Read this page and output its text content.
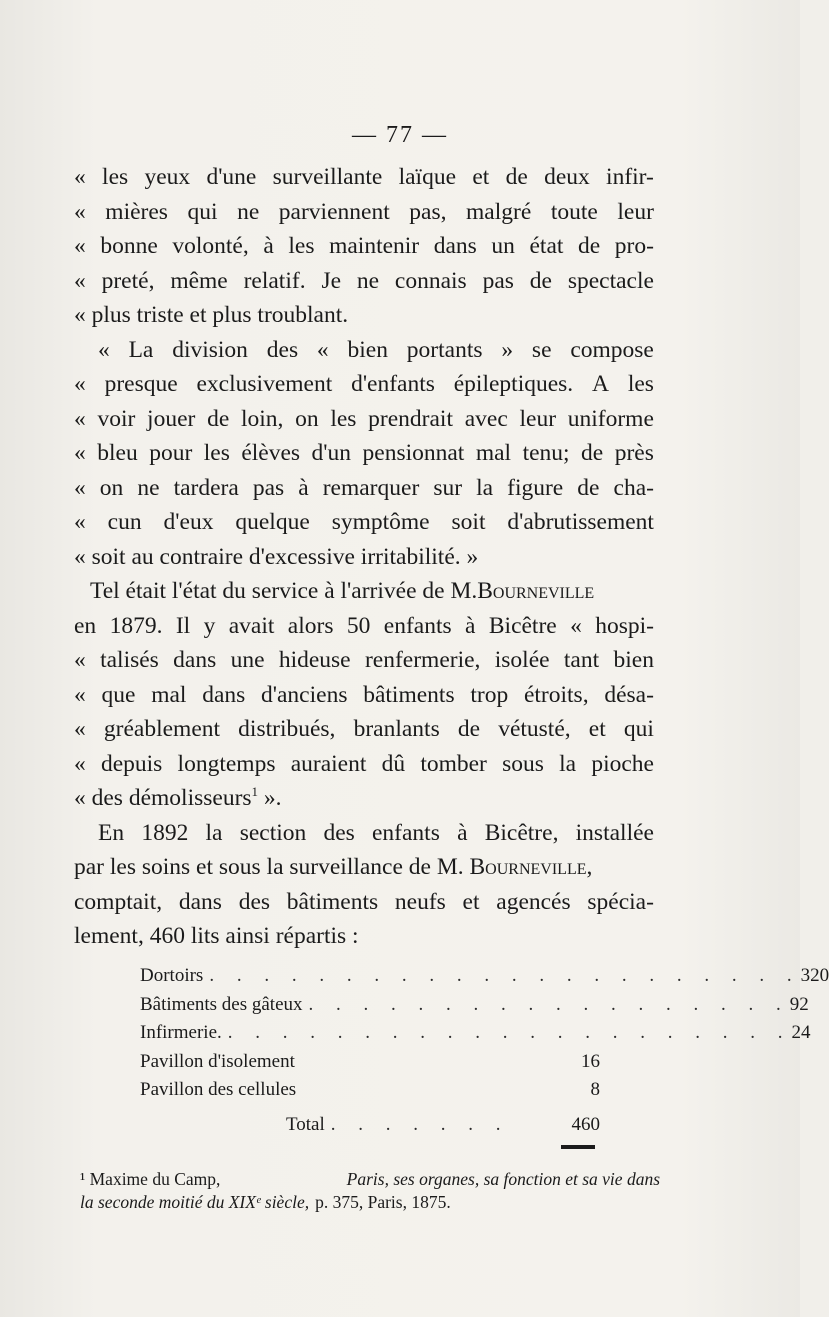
— 77 —
« les yeux d'une surveillante laïque et de deux infir-
« mières qui ne parviennent pas, malgré toute leur
« bonne volonté, à les maintenir dans un état de pro-
« preté, même relatif. Je ne connais pas de spectacle
« plus triste et plus troublant.
« La division des « bien portants » se compose
« presque exclusivement d'enfants épileptiques. A les
« voir jouer de loin, on les prendrait avec leur uniforme
« bleu pour les élèves d'un pensionnat mal tenu; de près
« on ne tardera pas à remarquer sur la figure de cha-
« cun d'eux quelque symptôme soit d'abrutissement
« soit au contraire d'excessive irritabilité. »
Tel était l'état du service à l'arrivée de M. Bourneville
en 1879. Il y avait alors 50 enfants à Bicêtre « hospi-
« talisés dans une hideuse renfermerie, isolée tant bien
« que mal dans d'anciens bâtiments trop étroits, désa-
« gréablement distribués, branlants de vétusté, et qui
« depuis longtemps auraient dû tomber sous la pioche
« des démolisseurs$^1$ ».
En 1892 la section des enfants à Bicêtre, installée
par les soins et sous la surveillance de M.
Bourneville ,
comptait, dans des bâtiments neufs et agencés spécia-
lement, 460 lits ainsi répartis :
Dortoirs . . . . . . . . . . . . . . . . . . . . . . 320
Bâtiments des gâteux . . . . . . . . . . . . . . . . . . 92
Infirmerie. . . . . . . . . . . . . . . . . . . . . . 24
Pavillon d'isolement	16
Pavillon des cellules	8
Total . . . . . . .	460
¹ Maxime du Camp,	Paris, ses organes, sa fonction et sa vie dans
la seconde moitié du XIXᵉ siècle, p. 375, Paris, 1875.
